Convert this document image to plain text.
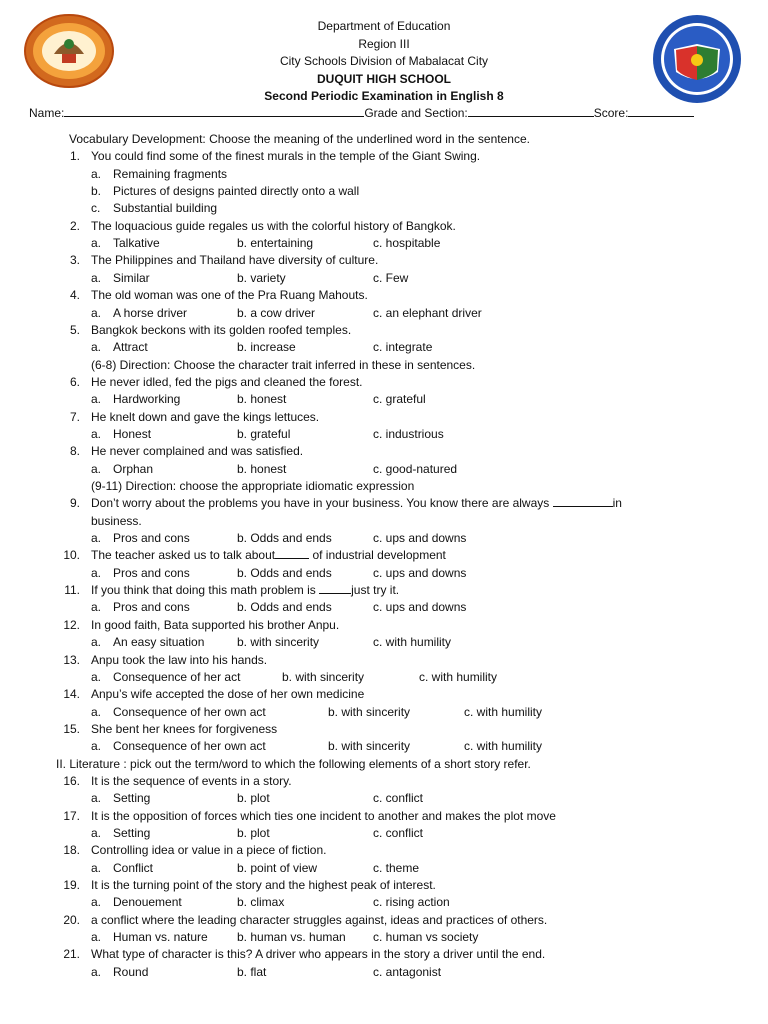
Department of Education
Region III
City Schools Division of Mabalacat City
DUQUIT HIGH SCHOOL
Second Periodic Examination in English 8
Name:	Grade and Section:	Score:
Vocabulary Development: Choose the meaning of the underlined word in the sentence.
1. You could find some of the finest murals in the temple of the Giant Swing.
a. Remaining fragments
b. Pictures of designs painted directly onto a wall
c. Substantial building
2. The loquacious guide regales us with the colorful history of Bangkok.
a. Talkative	b. entertaining	c. hospitable
3. The Philippines and Thailand have diversity of culture.
a. Similar	b. variety	c. Few
4. The old woman was one of the Pra Ruang Mahouts.
a. A horse driver	b. a cow driver	c. an elephant driver
5. Bangkok beckons with its golden roofed temples.
a. Attract	b. increase	c. integrate
(6-8) Direction: Choose the character trait inferred in these in sentences.
6. He never idled, fed the pigs and cleaned the forest.
a. Hardworking	b. honest	c. grateful
7. He knelt down and gave the kings lettuces.
a. Honest	b. grateful	c. industrious
8. He never complained and was satisfied.
a. Orphan	b. honest	c. good-natured
(9-11) Direction: choose the appropriate idiomatic expression
9. Don’t worry about the problems you have in your business. You know there are always	in
business.
a. Pros and cons	b. Odds and ends	c. ups and downs
10. The teacher asked us to talk about	of industrial development
a. Pros and cons	b. Odds and ends	c. ups and downs
11. If you think that doing this math problem is	just try it.
a. Pros and cons	b. Odds and ends	c. ups and downs
12. In good faith, Bata supported his brother Anpu.
a. An easy situation	b. with sincerity	c. with humility
13. Anpu took the law into his hands.
a. Consequence of her act	b. with sincerity	c. with humility
14. Anpu’s wife accepted the dose of her own medicine
a. Consequence of her own act	b. with sincerity	c. with humility
15. She bent her knees for forgiveness
a. Consequence of her own act	b. with sincerity	c. with humility
II. Literature : pick out the term/word to which the following elements of a short story refer.
16. It is the sequence of events in a story.
a. Setting	b. plot	c. conflict
17. It is the opposition of forces which ties one incident to another and makes the plot move
a. Setting	b. plot	c. conflict
18. Controlling idea or value in a piece of fiction.
a. Conflict	b. point of view	c. theme
19. It is the turning point of the story and the highest peak of interest.
a. Denouement	b. climax	c. rising action
20. a conflict where the leading character struggles against, ideas and practices of others.
a. Human vs. nature b. human vs. human c. human vs society
21. What type of character is this? A driver who appears in the story a driver until the end.
a. Round	b. flat	c. antagonist
